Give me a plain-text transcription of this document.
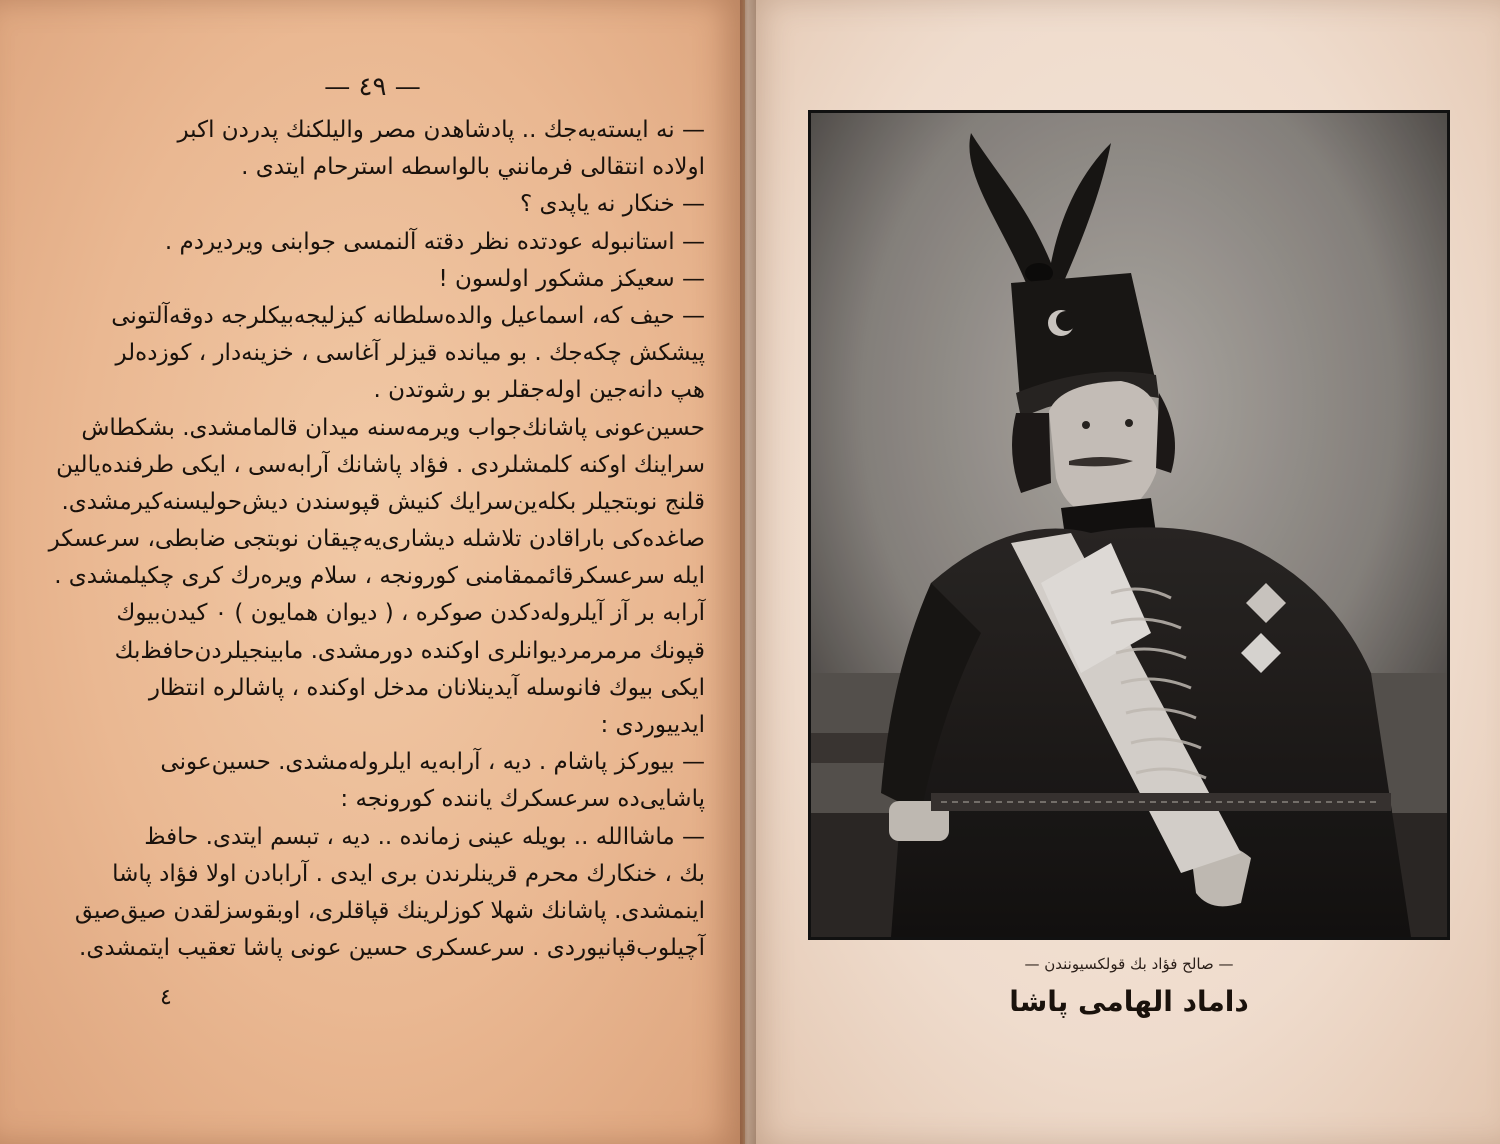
— ٤٩ —
— نه ایسته‌یه‌جك .. پادشاهدن مصر والیلکنك پدردن اکبر
اولاده انتقالی فرمانني بالواسطه استرحام ایتدی .
— خنکار نه یاپدی ؟
— استانبوله عودتده نظر دقته آلنمسی جوابنی ویردیردم .
— سعیکز مشکور اولسون !
— حیف که، اسماعیل والده‌سلطانه کیزلیجه‌بیکلرجه دوقه‌آلتونی
پیشکش چکه‌جك . بو میانده قیزلر آغاسی ، خزینه‌دار ، کوزده‌لر
هپ دانه‌جین اوله‌جقلر بو رشوتدن .
حسین‌عونی پاشانك‌جواب ویرمه‌سنه میدان قالمامشدی. بشکطاش
سراینك اوکنه کلمشلردی . فؤاد پاشانك آرابه‌سی ، ایکی طرفنده‌یالین
قلنج نوبتجیلر بکله‌ین‌سرایك کنیش قپوسندن دیش‌حولیسنه‌کیرمشدی.
صاغده‌کی باراقادن تلاشله دیشاری‌یه‌چیقان نوبتجی ضابطی، سرعسکر
ایله سرعسکرقائممقامنی کورونجه ، سلام ویره‌رك کری چکیلمشدی .
آرابه بر آز آیلرولەدکدن صوکره ، ( دیوان همایون ) ۰ کیدن‌بیوك
قپونك مرمرمردیوانلری اوکنده دورمشدی. مابینجیلردن‌حافظ‌بك
ایکی بیوك فانوسله آیدینلانان مدخل اوکنده ، پاشالره انتظار
ایدییوردی :
— بیورکز پاشام . دیه ، آرابه‌یه ایلروله‌مشدی. حسین‌عونی
پاشایی‌ده سرعسکرك یاننده کورونجه :
— ماشاالله .. بویله عینی زمانده .. دیه ، تبسم ایتدی. حافظ
بك ، خنکارك محرم قرینلرندن بری ایدی . آرابادن اولا فؤاد پاشا
اینمشدی. پاشانك شهلا کوزلرینك قپاقلری، اوبقوسزلقدن صیق‌صیق
آچیلوب‌قپانیوردی . سرعسکری حسین عونی پاشا تعقیب ایتمشدی.
٤
— صالح فؤاد بك قولکسیونندن —
داماد الهامی پاشا
